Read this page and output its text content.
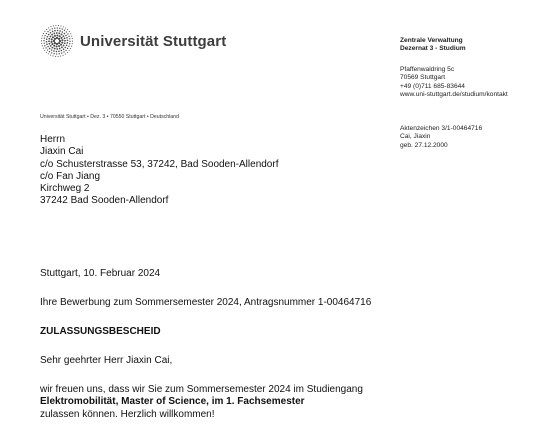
Universität Stuttgart	Zentrale Verwaltung
Dezernat 3 - Studium
Pfaffenwaldring 5c
70569 Stuttgart
+49 (0)711 685-83644
www.uni-stuttgart.de/studium/kontakt
Aktenzeichen 3/1-00464716
Cai, Jiaxin
geb. 27.12.2000
Universität Stuttgart • Dez. 3 • 70550 Stuttgart • Deutschland
Herrn
Jiaxin Cai
c/o Schusterstrasse 53, 37242, Bad Sooden-Allendorf
c/o Fan Jiang
Kirchweg 2
37242 Bad Sooden-Allendorf
Stuttgart, 10. Februar 2024
Ihre Bewerbung zum Sommersemester 2024, Antragsnummer 1-00464716
ZULASSUNGSBESCHEID
Sehr geehrter Herr Jiaxin Cai,
wir freuen uns, dass wir Sie zum Sommersemester 2024 im Studiengang
Elektromobilität, Master of Science, im 1. Fachsemester
zulassen können. Herzlich willkommen!
